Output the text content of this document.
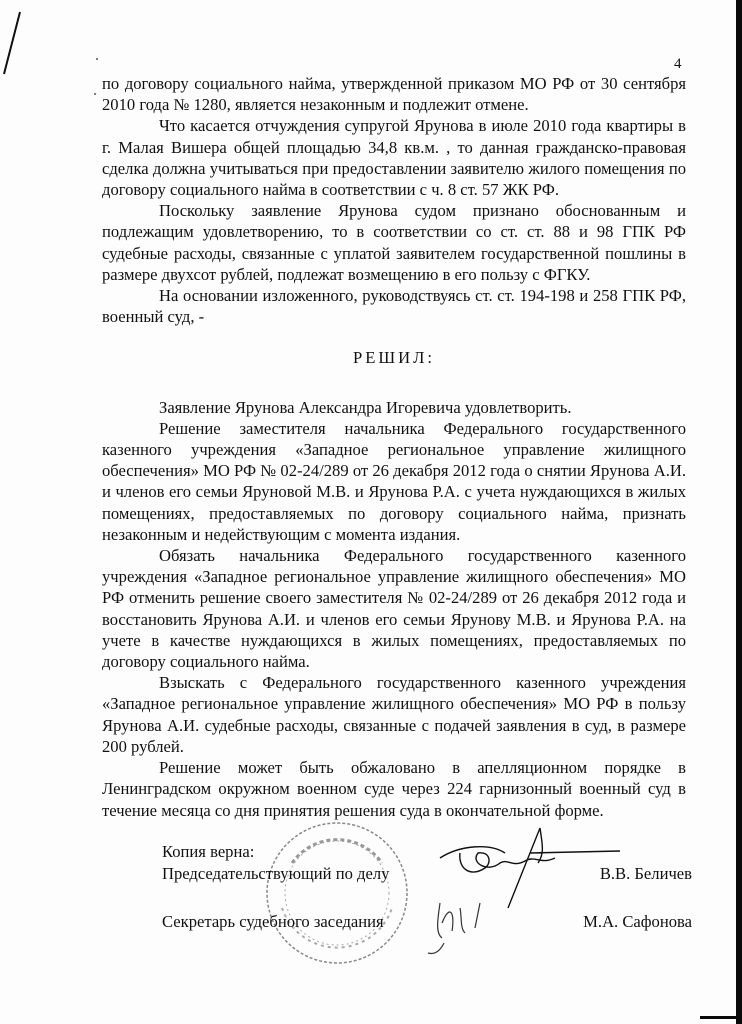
4

по договору социального найма, утвержденной приказом МО РФ от 30 сентября 2010 года № 1280, является незаконным и подлежит отмене.

Что касается отчуждения супругой Ярунова в июле 2010 года квартиры в г. Малая Вишера общей площадью 34,8 кв.м. , то данная гражданско-правовая сделка должна учитываться при предоставлении заявителю жилого помещения по договору социального найма в соответствии с ч. 8 ст. 57 ЖК РФ.

Поскольку заявление Ярунова судом признано обоснованным и подлежащим удовлетворению, то в соответствии со ст. ст. 88 и 98 ГПК РФ судебные расходы, связанные с уплатой заявителем государственной пошлины в размере двухсот рублей, подлежат возмещению в его пользу с ФГКУ.

На основании изложенного, руководствуясь ст. ст. 194-198 и 258 ГПК РФ, военный суд, -

РЕШИЛ:

Заявление Ярунова Александра Игоревича удовлетворить.

Решение заместителя начальника Федерального государственного казенного учреждения «Западное региональное управление жилищного обеспечения» МО РФ № 02-24/289 от 26 декабря 2012 года о снятии Ярунова А.И. и членов его семьи Яруновой М.В. и Ярунова Р.А. с учета нуждающихся в жилых помещениях, предоставляемых по договору социального найма, признать незаконным и недействующим с момента издания.

Обязать начальника Федерального государственного казенного учреждения «Западное региональное управление жилищного обеспечения» МО РФ отменить решение своего заместителя № 02-24/289 от 26 декабря 2012 года и восстановить Ярунова А.И. и членов его семьи Ярунову М.В. и Ярунова Р.А. на учете в качестве нуждающихся в жилых помещениях, предоставляемых по договору социального найма.

Взыскать с Федерального государственного казенного учреждения «Западное региональное управление жилищного обеспечения» МО РФ в пользу Ярунова А.И. судебные расходы, связанные с подачей заявления в суд, в размере 200 рублей.

Решение может быть обжаловано в апелляционном порядке в Ленинградском окружном военном суде через 224 гарнизонный военный суд в течение месяца со дня принятия решения суда в окончательной форме.

Копия верна:
Председательствующий по делу	В.В. Беличев
Секретарь судебного заседания	М.А. Сафонова
